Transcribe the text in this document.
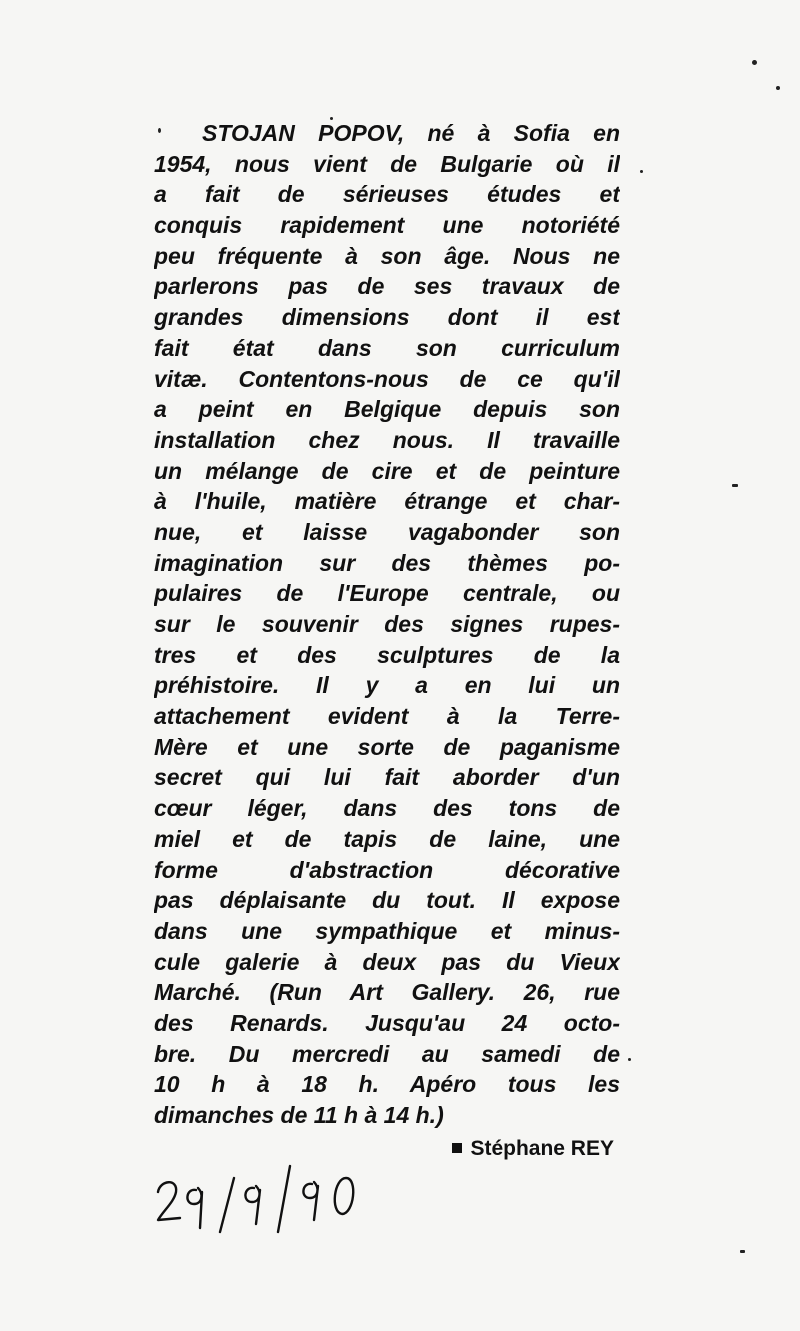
STOJAN POPOV, né à Sofia en
1954, nous vient de Bulgarie où il
a fait de sérieuses études et
conquis rapidement une notoriété
peu fréquente à son âge. Nous ne
parlerons pas de ses travaux de
grandes dimensions dont il est
fait état dans son curriculum
vitæ. Contentons-nous de ce qu'il
a peint en Belgique depuis son
installation chez nous. Il travaille
un mélange de cire et de peinture
à l'huile, matière étrange et char-
nue, et laisse vagabonder son
imagination sur des thèmes po-
pulaires de l'Europe centrale, ou
sur le souvenir des signes rupes-
tres et des sculptures de la
préhistoire. Il y a en lui un
attachement evident à la Terre-
Mère et une sorte de paganisme
secret qui lui fait aborder d'un
cœur léger, dans des tons de
miel et de tapis de laine, une
forme d'abstraction décorative
pas déplaisante du tout. Il expose
dans une sympathique et minus-
cule galerie à deux pas du Vieux
Marché. (Run Art Gallery. 26, rue
des Renards. Jusqu'au 24 octo-
bre. Du mercredi au samedi de
10 h à 18 h. Apéro tous les
dimanches de 11 h à 14 h.)
Stéphane REY
